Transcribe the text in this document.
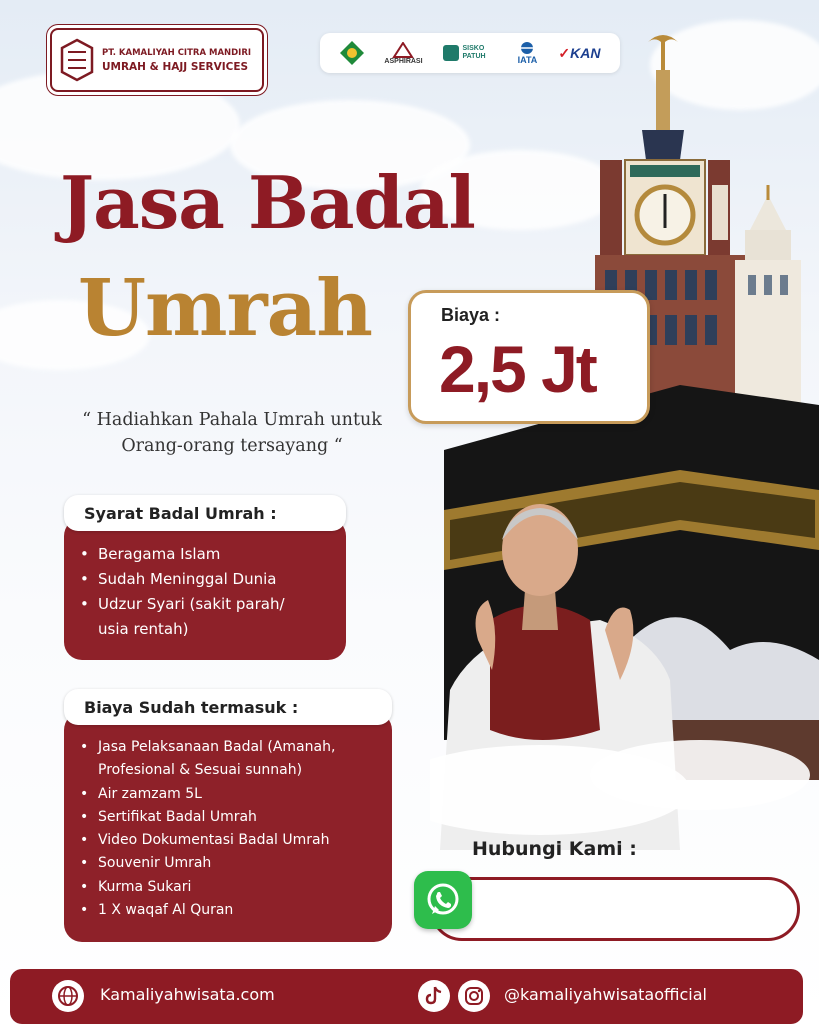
PT. KAMALIYAH CITRA MANDIRI
UMRAH & HAJJ SERVICES	ASPHIRASI
SISKO PATUH	IATA ✓ KAN
Jasa Badal
Umrah	Biaya :
2,5 Jt
“ Hadiahkan Pahala Umrah untuk
Orang-orang tersayang “
• Beragama Islam
• Sudah Meninggal Dunia
• Udzur Syari (sakit parah/
usia rentah)
Syarat Badal Umrah :
• Jasa Pelaksanaan Badal (Amanah,
Profesional & Sesuai sunnah)
• Air zamzam 5L
• Sertifikat Badal Umrah
• Video Dokumentasi Badal Umrah
• Souvenir Umrah
• Kurma Sukari
• 1 X waqaf Al Quran
Biaya Sudah termasuk :
Hubungi Kami :
Kamaliyahwisata.com	@kamaliyahwisataofficial
